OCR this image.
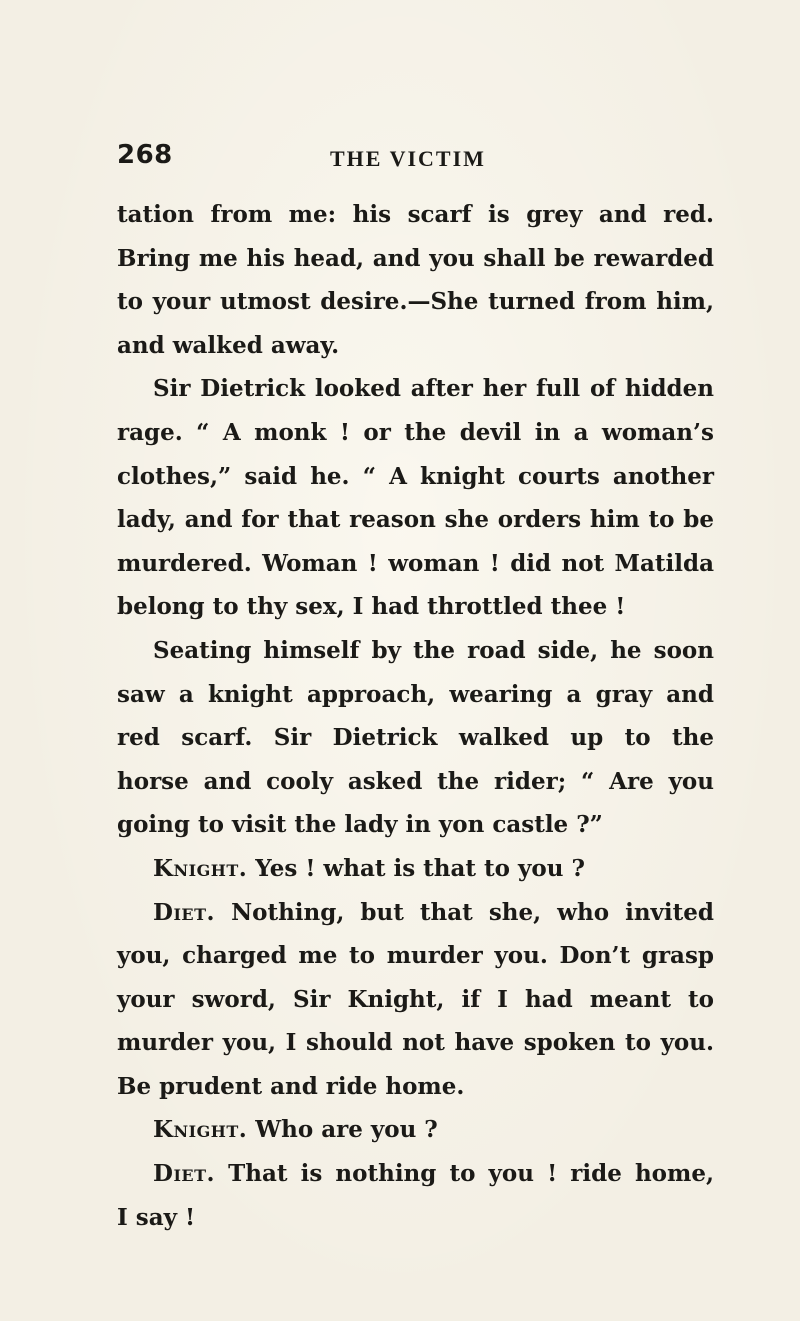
268	THE VICTIM
tation from me: his scarf is grey and red.
Bring me his head, and you shall be rewarded
to your utmost desire.—She turned from him,
and walked away.
Sir Dietrick looked after her full of hidden
rage. “ A monk ! or the devil in a woman’s
clothes,” said he. “ A knight courts another
lady, and for that reason she orders him to be
murdered. Woman ! woman ! did not Matilda
belong to thy sex, I had throttled thee !
Seating himself by the road side, he soon
saw a knight approach, wearing a gray and
red scarf. Sir Dietrick walked up to the
horse and cooly asked the rider; “ Are you
going to visit the lady in yon castle ?”
Knight. Yes ! what is that to you ?
Diet. Nothing, but that she, who invited
you, charged me to murder you. Don’t grasp
your sword, Sir Knight, if I had meant to
murder you, I should not have spoken to you.
Be prudent and ride home.
Knight. Who are you ?
Diet. That is nothing to you ! ride home,
I say !
